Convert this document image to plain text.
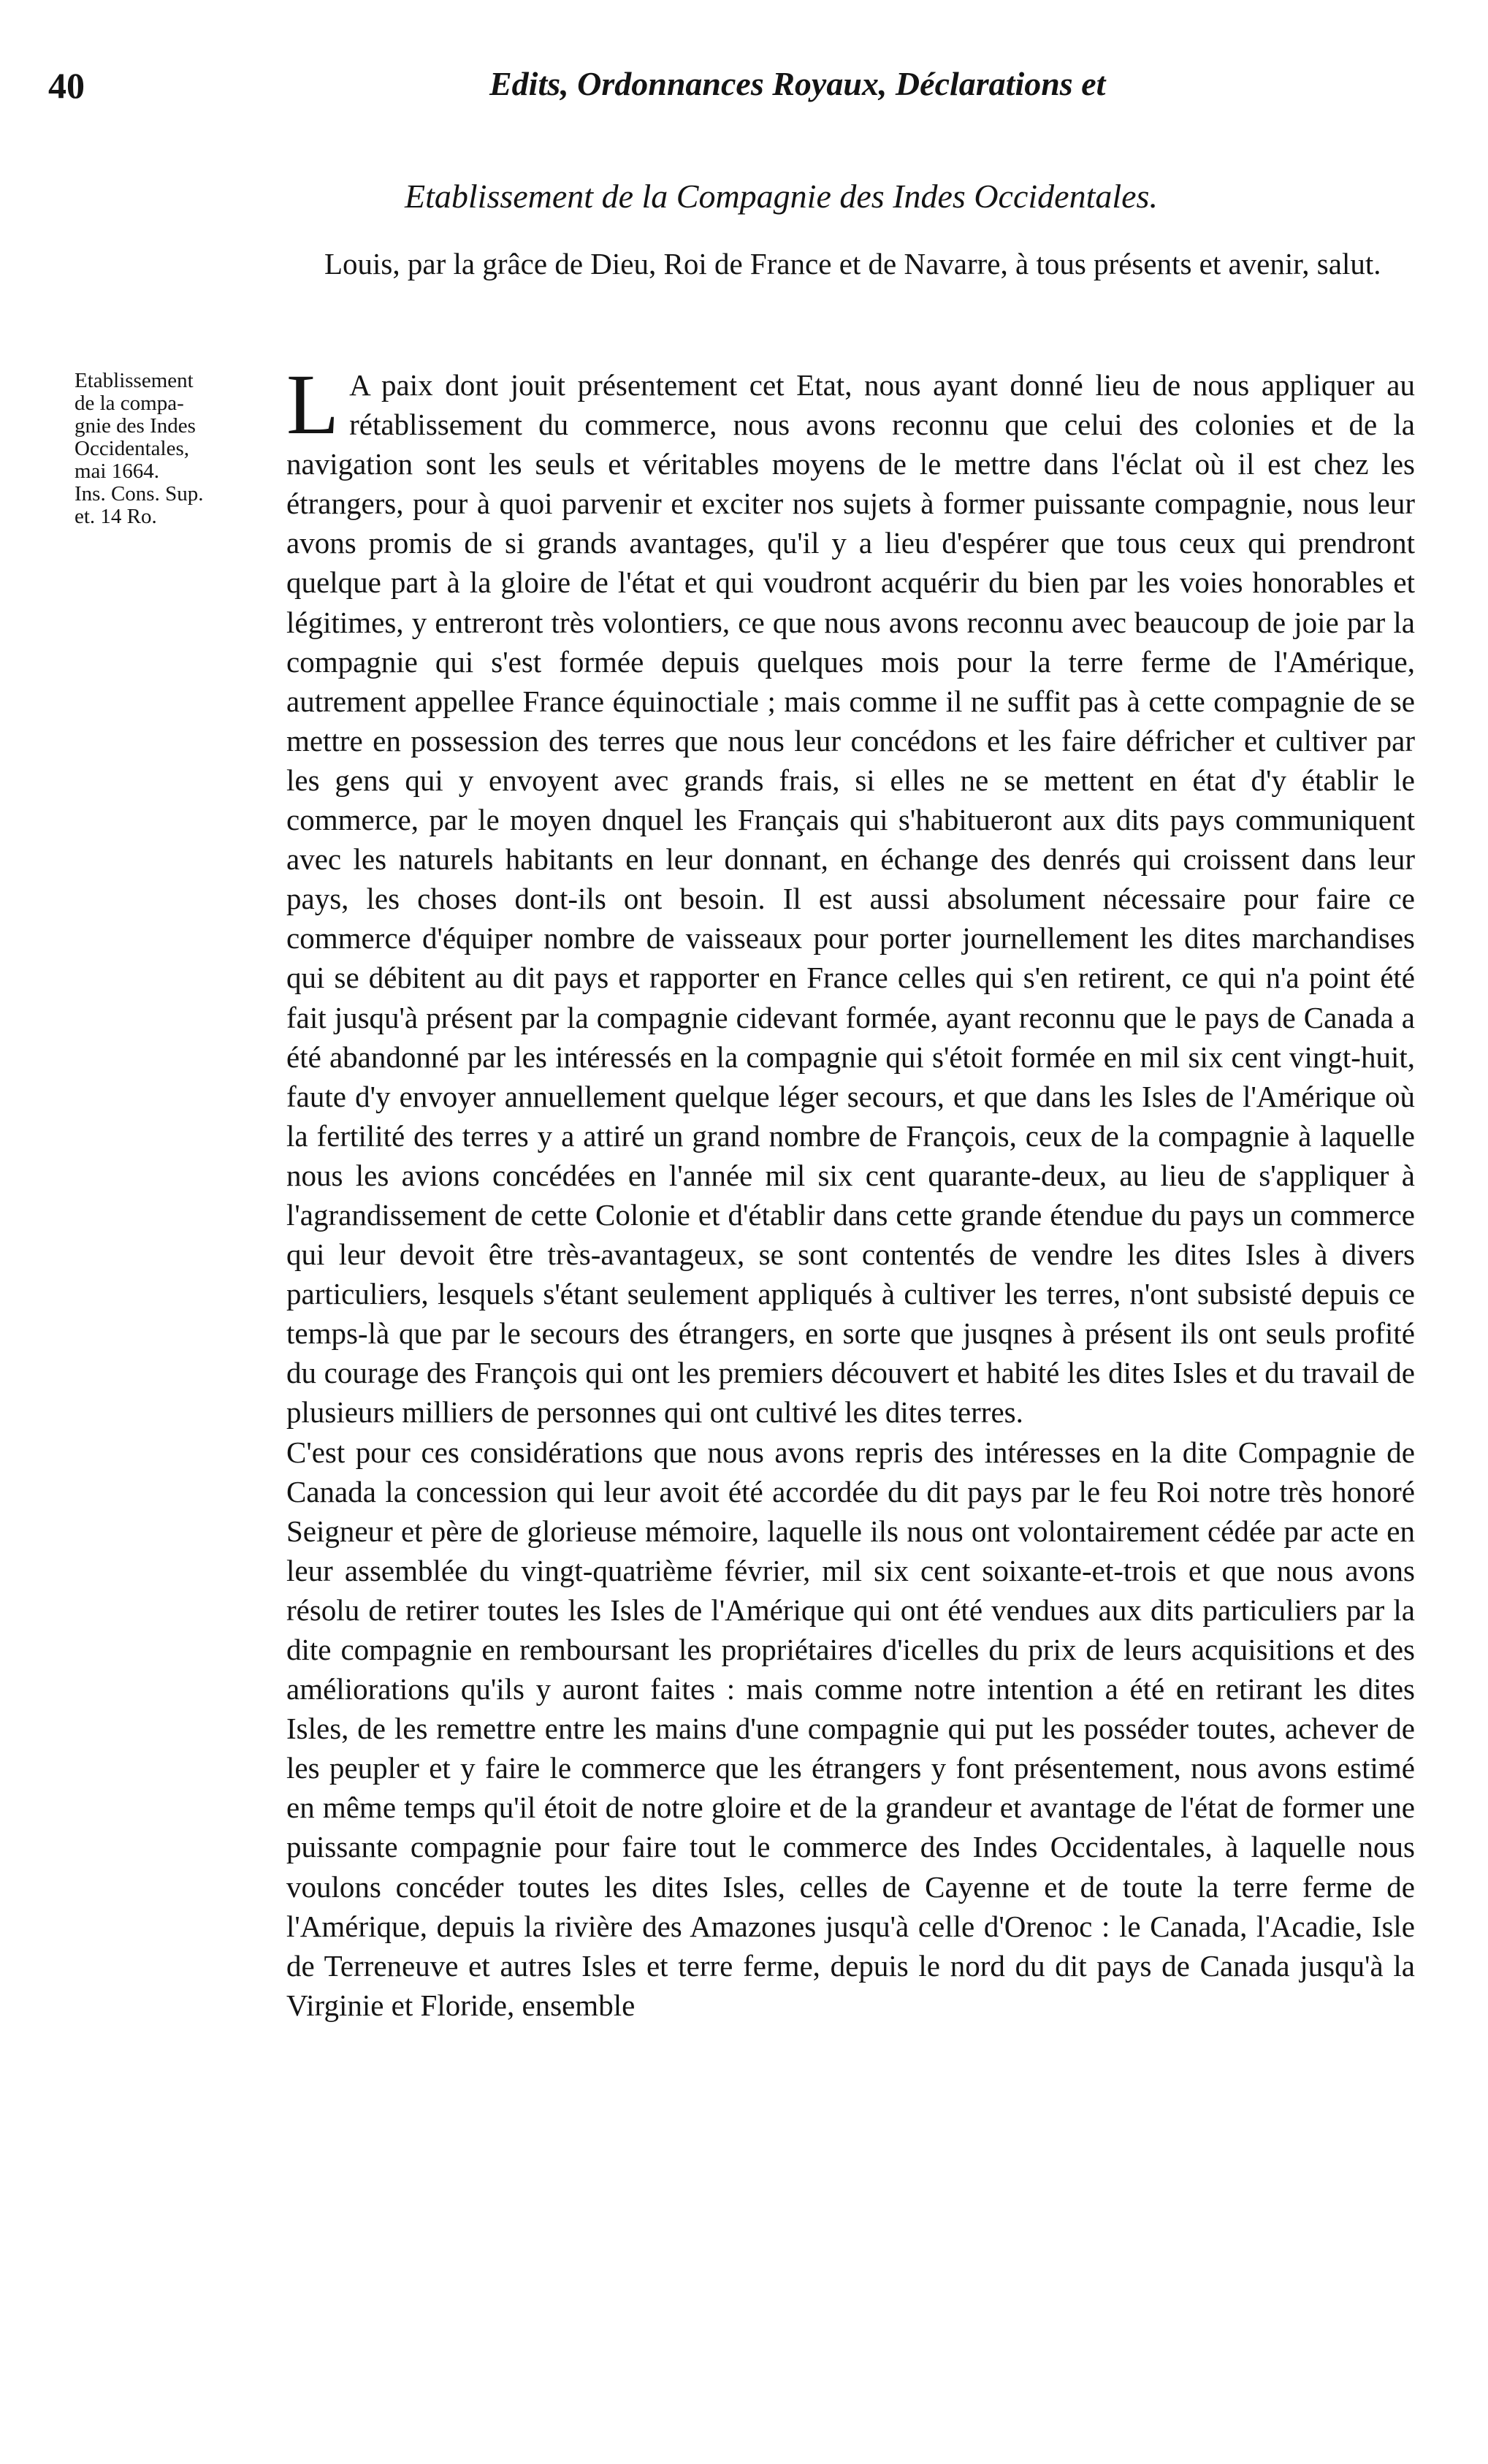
40	Edits, Ordonnances Royaux, Déclarations et
Etablissement de la Compagnie des Indes Occidentales.
Louis, par la grâce de Dieu, Roi de France et de Navarre, à tous présents et avenir, salut.
Etablissement
de la compa-
gnie des Indes
Occidentales,
mai 1664.
Ins. Cons. Sup.
et. 14 Ro.

L A paix dont jouit présentement cet Etat, nous ayant donné lieu de nous appliquer au rétablissement du commerce, nous avons reconnu que celui des colonies et de la navigation sont les seuls et véritables moyens de le mettre dans l'éclat où il est chez les étrangers, pour à quoi parvenir et exciter nos sujets à former puissante compagnie, nous leur avons promis de si grands avantages, qu'il y a lieu d'espérer que tous ceux qui prendront quelque part à la gloire de l'état et qui voudront acquérir du bien par les voies honorables et légitimes, y entreront très volontiers, ce que nous avons reconnu avec beaucoup de joie par la compagnie qui s'est formée depuis quelques mois pour la terre ferme de l'Amérique, autrement appellee France équinoctiale ; mais comme il ne suffit pas à cette compagnie de se mettre en possession des terres que nous leur concédons et les faire défricher et cultiver par les gens qui y envoyent avec grands frais, si elles ne se mettent en état d'y établir le commerce, par le moyen dnquel les Français qui s'habitueront aux dits pays communiquent avec les naturels habitants en leur donnant, en échange des denrés qui croissent dans leur pays, les choses dont-ils ont besoin. Il est aussi absolument nécessaire pour faire ce commerce d'équiper nombre de vaisseaux pour porter journellement les dites marchandises qui se débitent au dit pays et rapporter en France celles qui s'en retirent, ce qui n'a point été fait jusqu'à présent par la compagnie cidevant formée, ayant reconnu que le pays de Canada a été abandonné par les intéressés en la compagnie qui s'étoit formée en mil six cent vingt-huit, faute d'y envoyer annuellement quelque léger secours, et que dans les Isles de l'Amérique où la fertilité des terres y a attiré un grand nombre de François, ceux de la compagnie à laquelle nous les avions concédées en l'année mil six cent quarante-deux, au lieu de s'appliquer à l'agrandissement de cette Colonie et d'établir dans cette grande étendue du pays un commerce qui leur devoit être très-avantageux, se sont contentés de vendre les dites Isles à divers particuliers, lesquels s'étant seulement appliqués à cultiver les terres, n'ont subsisté depuis ce temps-là que par le secours des étrangers, en sorte que jusqnes à présent ils ont seuls profité du courage des François qui ont les premiers découvert et habité les dites Isles et du travail de plusieurs milliers de personnes qui ont cultivé les dites terres.

C'est pour ces considérations que nous avons repris des intéresses en la dite Compagnie de Canada la concession qui leur avoit été accordée du dit pays par le feu Roi notre très honoré Seigneur et père de glorieuse mémoire, laquelle ils nous ont volontairement cédée par acte en leur assemblée du vingt-quatrième février, mil six cent soixante-et-trois et que nous avons résolu de retirer toutes les Isles de l'Amérique qui ont été vendues aux dits particuliers par la dite compagnie en remboursant les propriétaires d'icelles du prix de leurs acquisitions et des améliorations qu'ils y auront faites : mais comme notre intention a été en retirant les dites Isles, de les remettre entre les mains d'une compagnie qui put les posséder toutes, achever de les peupler et y faire le commerce que les étrangers y font présentement, nous avons estimé en même temps qu'il étoit de notre gloire et de la grandeur et avantage de l'état de former une puissante compagnie pour faire tout le commerce des Indes Occidentales, à laquelle nous voulons concéder toutes les dites Isles, celles de Cayenne et de toute la terre ferme de l'Amérique, depuis la rivière des Amazones jusqu'à celle d'Orenoc : le Canada, l'Acadie, Isle de Terreneuve et autres Isles et terre ferme, depuis le nord du dit pays de Canada jusqu'à la Virginie et Floride, ensemble
